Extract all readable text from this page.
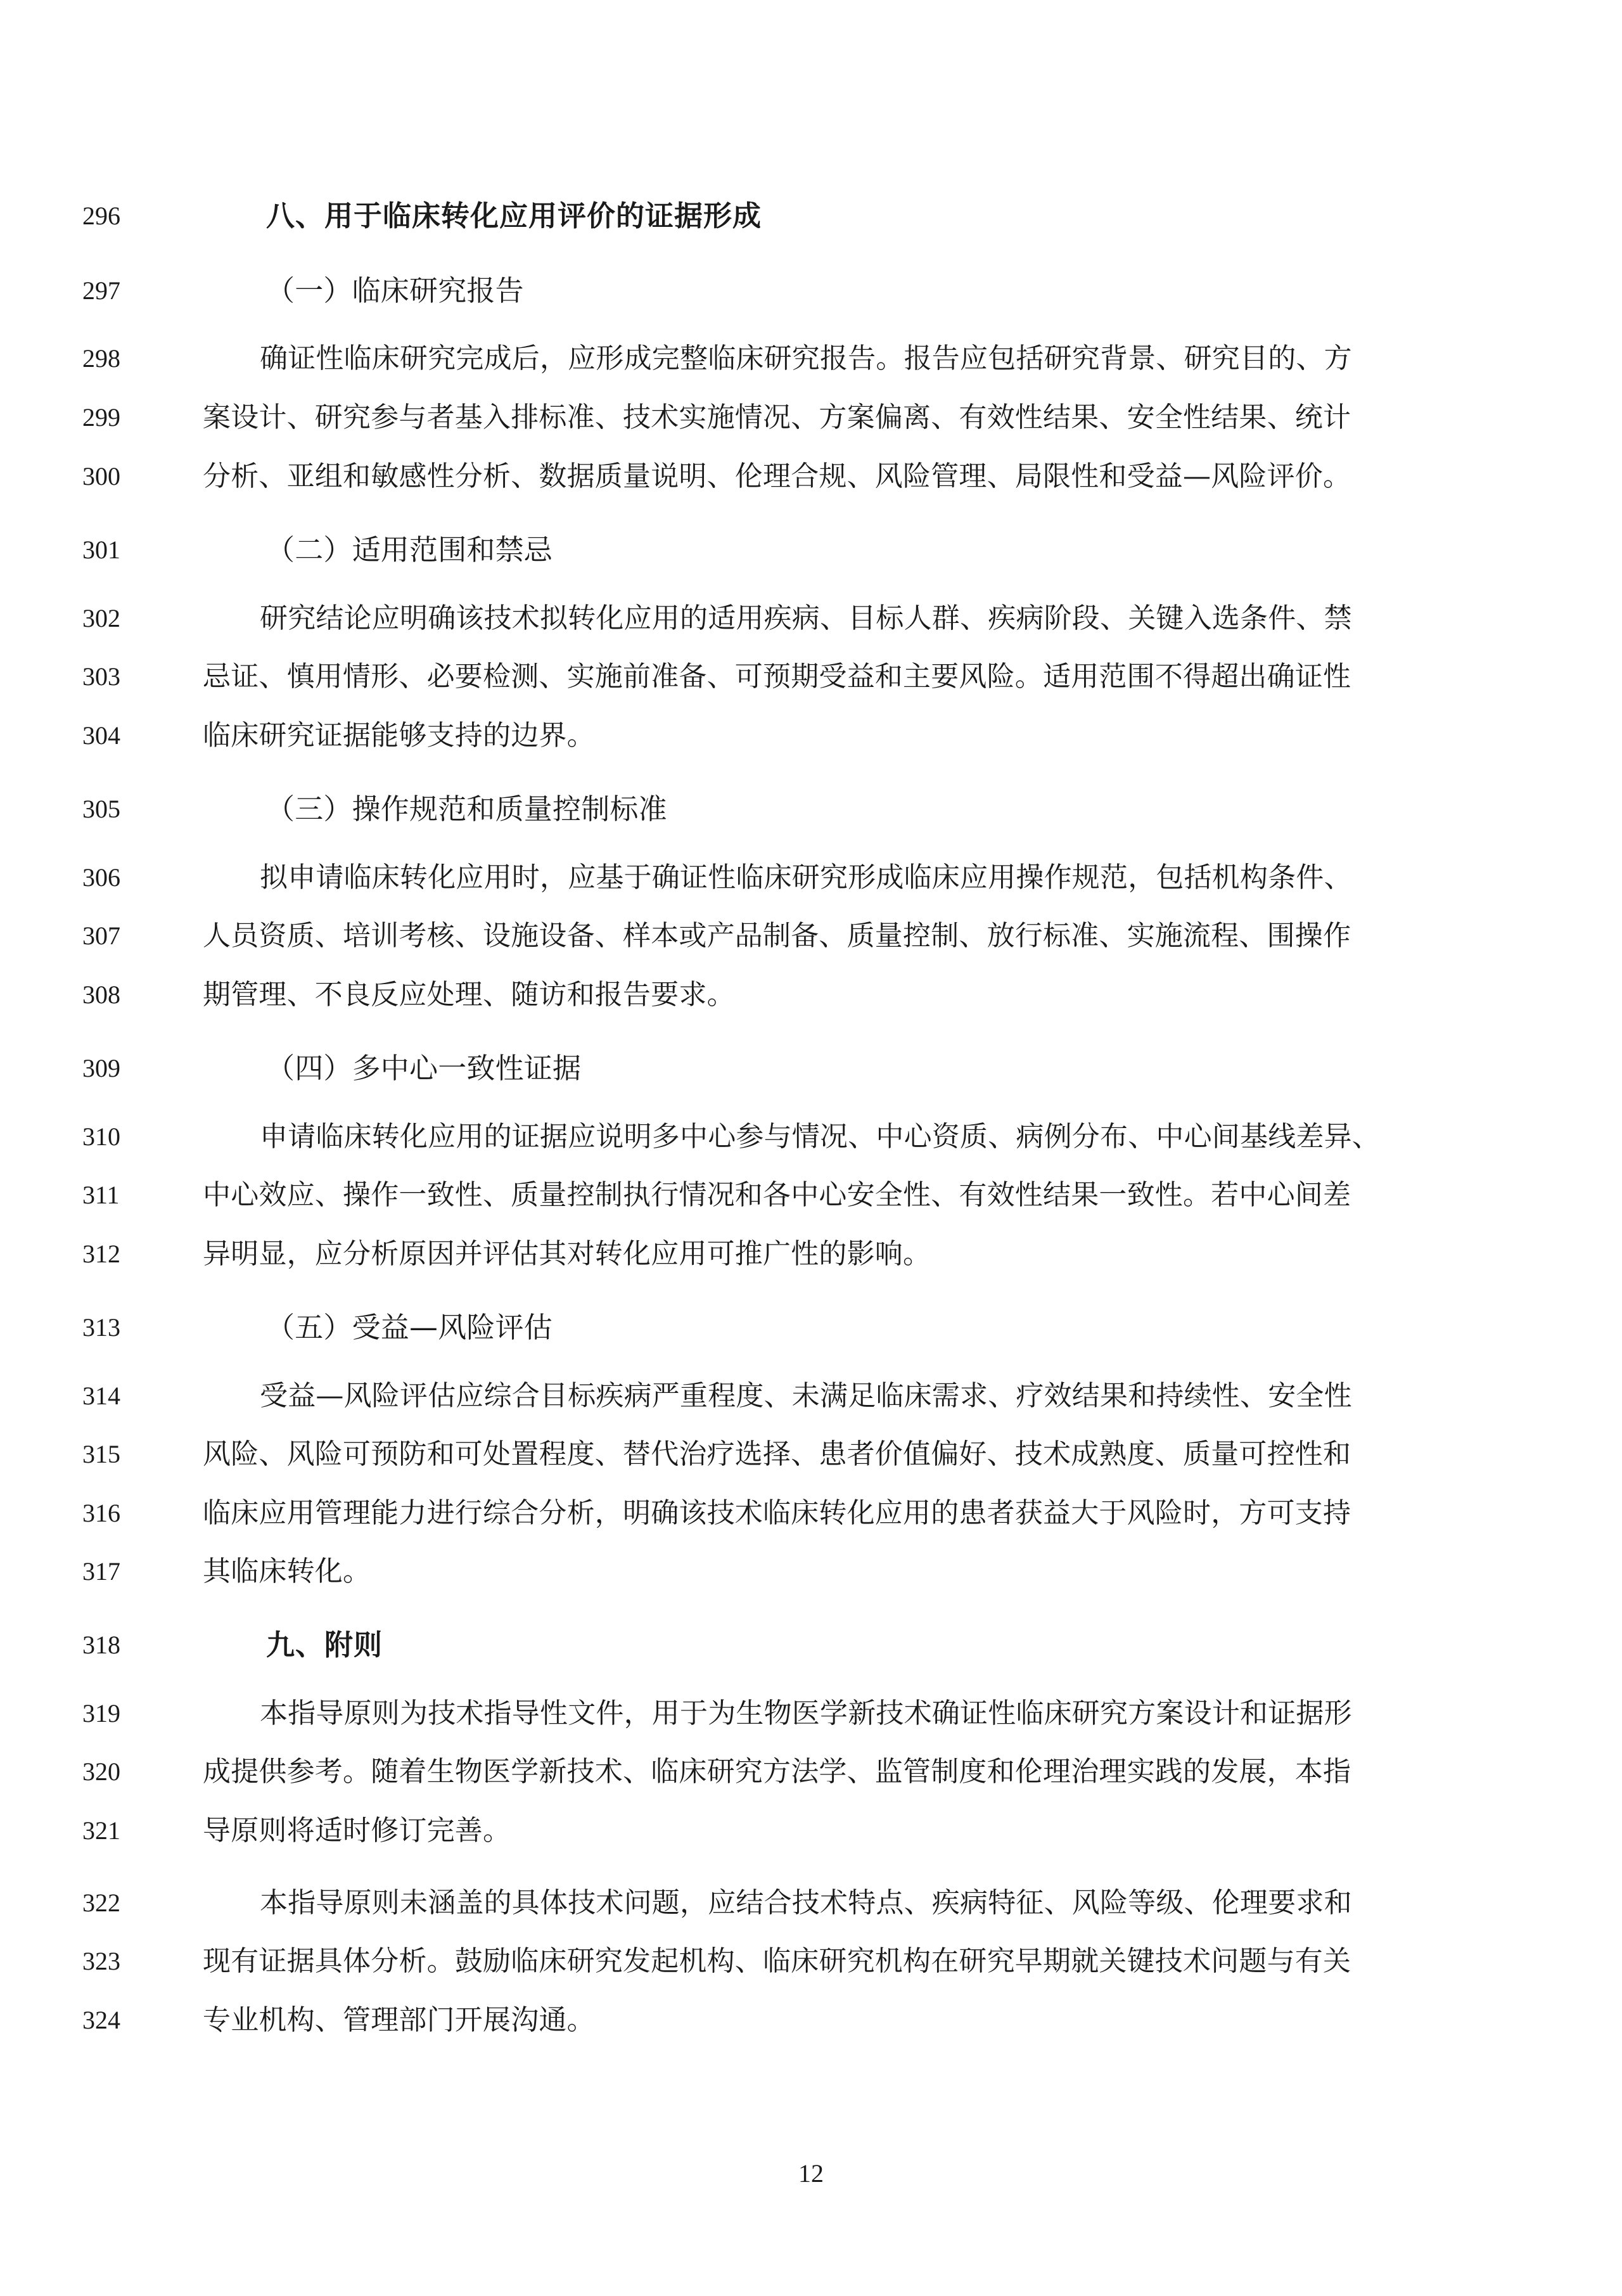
296	八、用于临床转化应用评价的证据形成
297	（一）临床研究报告
298	确证性临床研究完成后，应形成完整临床研究报告。报告应包括研究背景、研究目的、方
299	案设计、研究参与者基入排标准、技术实施情况、方案偏离、有效性结果、安全性结果、统计
300	分析、亚组和敏感性分析、数据质量说明、伦理合规、风险管理、局限性和受益—风险评价。
301	（二）适用范围和禁忌
302	研究结论应明确该技术拟转化应用的适用疾病、目标人群、疾病阶段、关键入选条件、禁
303	忌证、慎用情形、必要检测、实施前准备、可预期受益和主要风险。适用范围不得超出确证性
304	临床研究证据能够支持的边界。
305	（三）操作规范和质量控制标准
306	拟申请临床转化应用时，应基于确证性临床研究形成临床应用操作规范，包括机构条件、
307	人员资质、培训考核、设施设备、样本或产品制备、质量控制、放行标准、实施流程、围操作
308	期管理、不良反应处理、随访和报告要求。
309	（四）多中心一致性证据
310	申请临床转化应用的证据应说明多中心参与情况、中心资质、病例分布、中心间基线差异、
311	中心效应、操作一致性、质量控制执行情况和各中心安全性、有效性结果一致性。若中心间差
312	异明显，应分析原因并评估其对转化应用可推广性的影响。
313	（五）受益—风险评估
314	受益—风险评估应综合目标疾病严重程度、未满足临床需求、疗效结果和持续性、安全性
315	风险、风险可预防和可处置程度、替代治疗选择、患者价值偏好、技术成熟度、质量可控性和
316	临床应用管理能力进行综合分析，明确该技术临床转化应用的患者获益大于风险时，方可支持
317	其临床转化。
318	九、附则
319	本指导原则为技术指导性文件，用于为生物医学新技术确证性临床研究方案设计和证据形
320	成提供参考。随着生物医学新技术、临床研究方法学、监管制度和伦理治理实践的发展，本指
321	导原则将适时修订完善。
322	本指导原则未涵盖的具体技术问题，应结合技术特点、疾病特征、风险等级、伦理要求和
323	现有证据具体分析。鼓励临床研究发起机构、临床研究机构在研究早期就关键技术问题与有关
324	专业机构、管理部门开展沟通。
12
